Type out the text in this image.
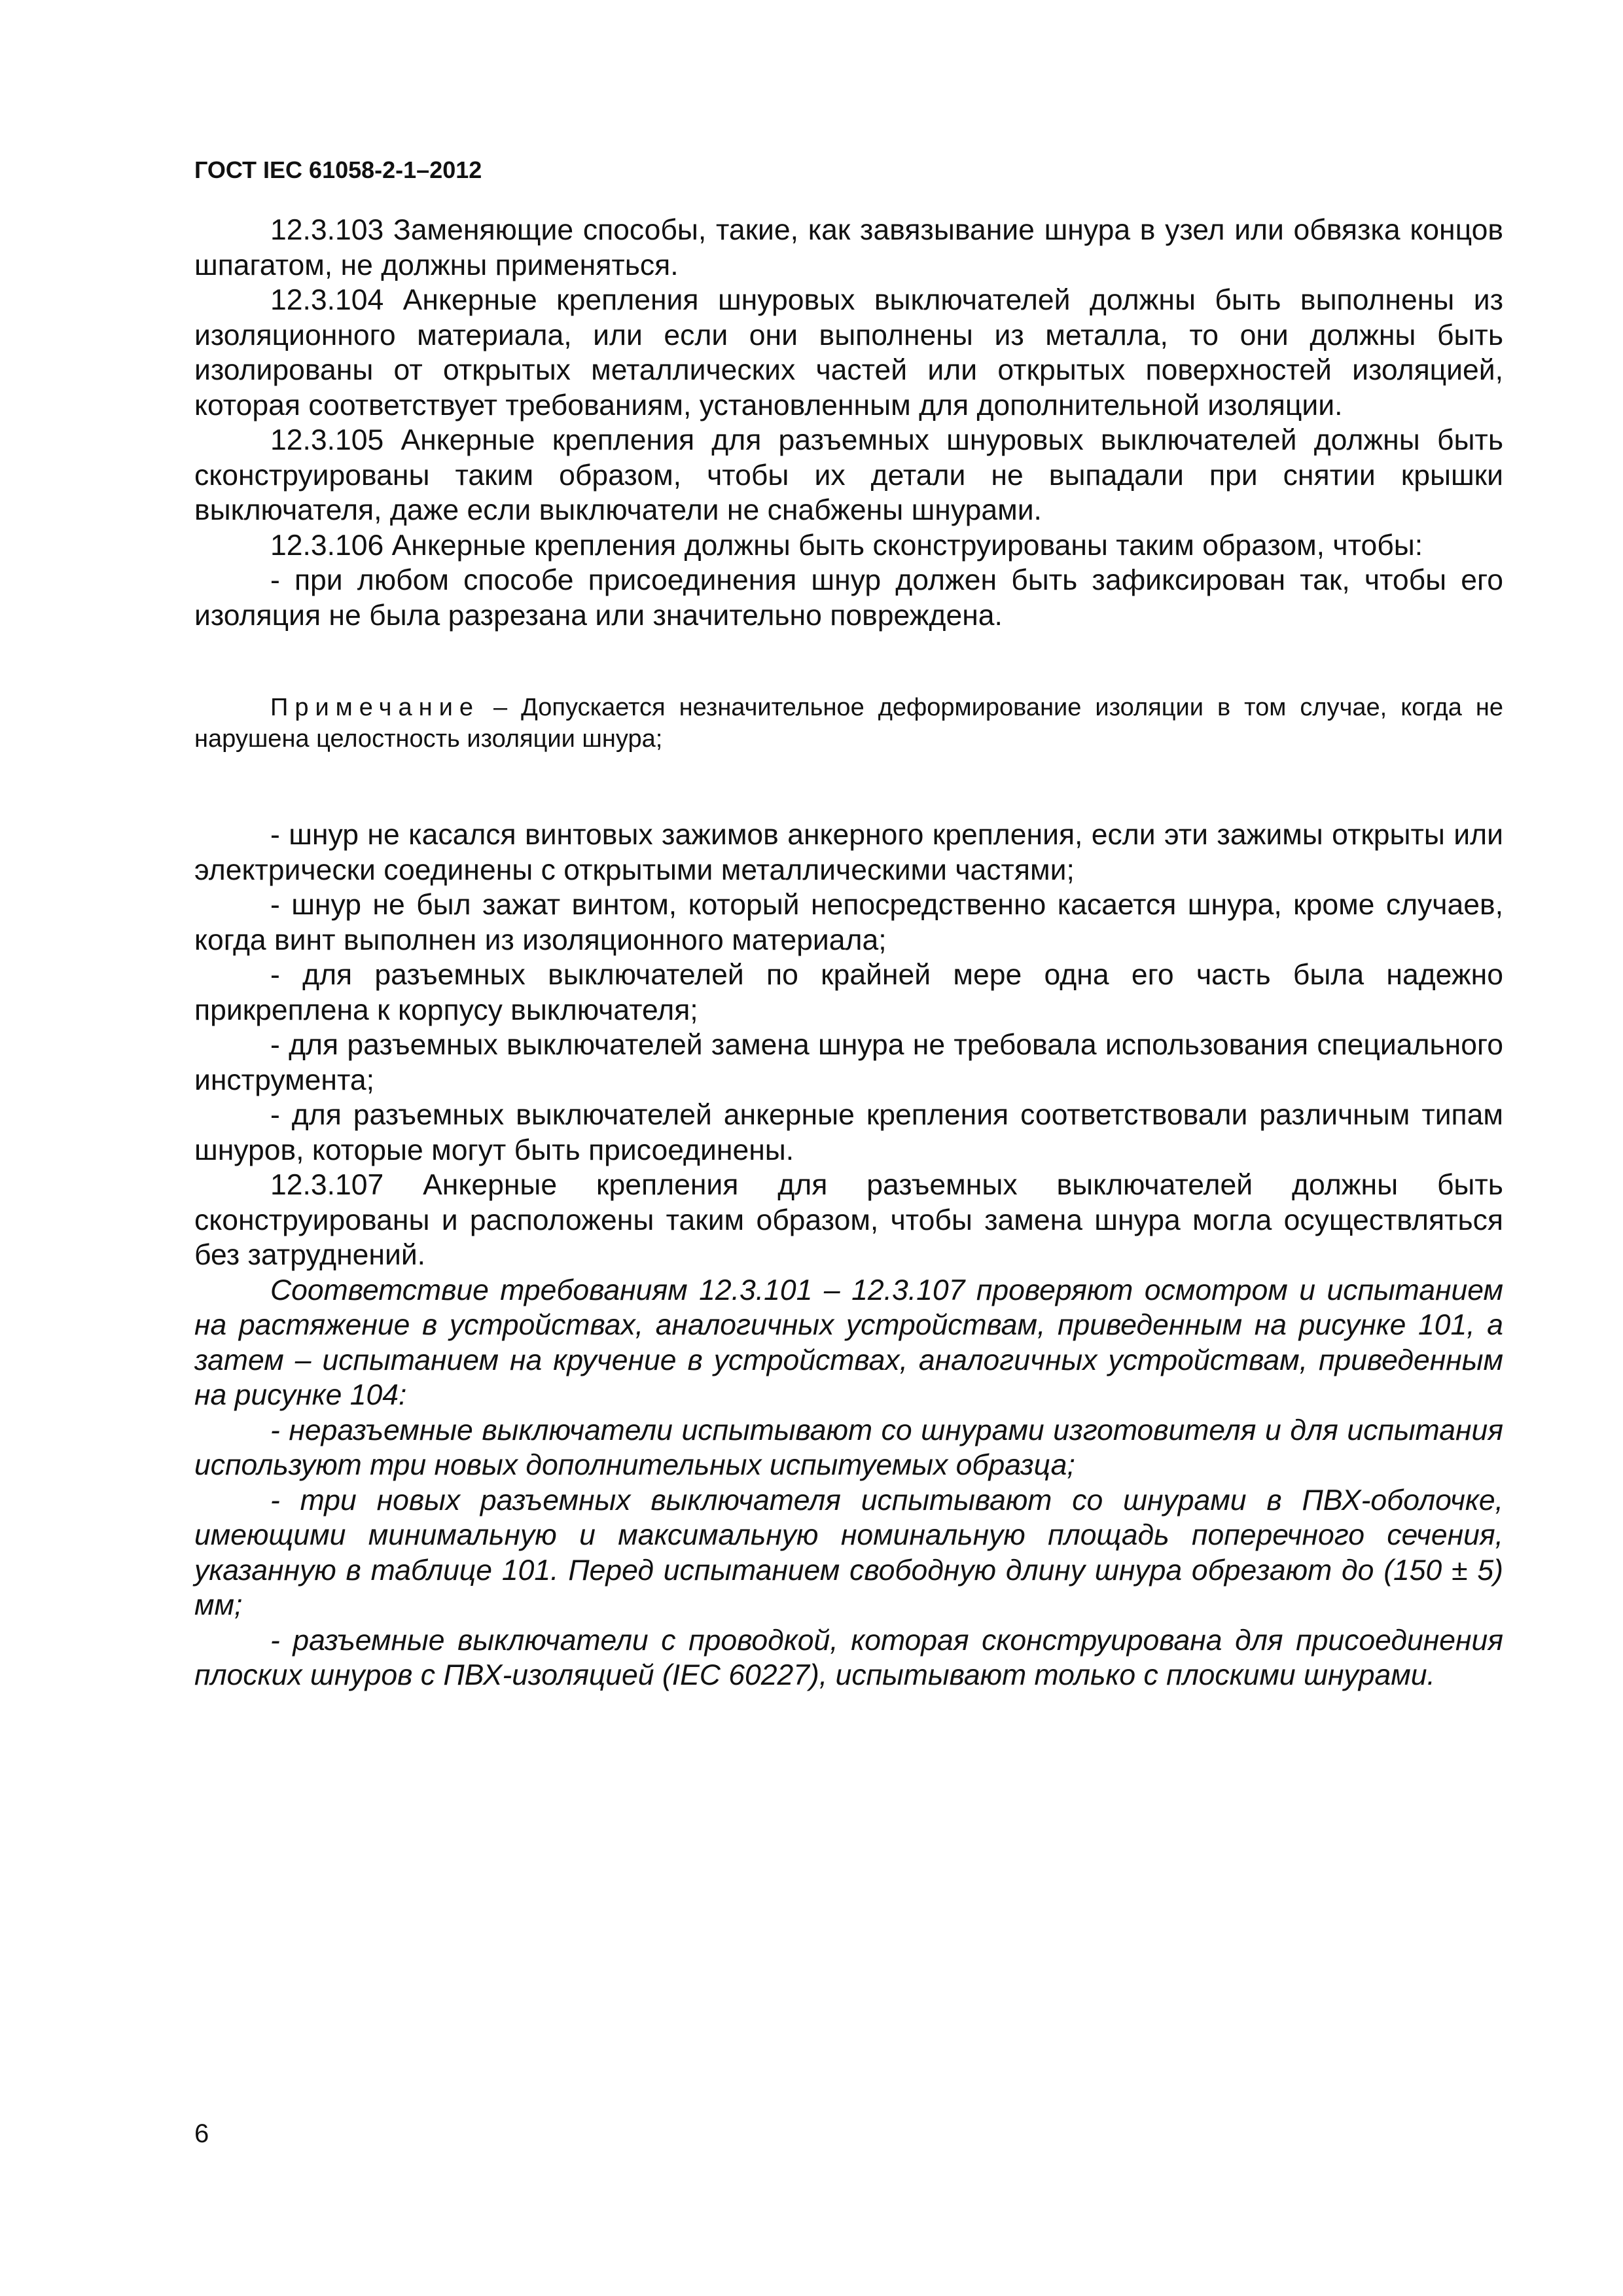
ГОСТ IEC 61058-2-1–2012

12.3.103 Заменяющие способы, такие, как завязывание шнура в узел или обвязка концов шпагатом, не должны применяться.

12.3.104 Анкерные крепления шнуровых выключателей должны быть выполнены из изоляционного материала, или если они выполнены из металла, то они должны быть изолированы от открытых металлических частей или открытых поверхностей изоляцией, которая соответствует требованиям, установленным для дополнительной изоляции.

12.3.105 Анкерные крепления для разъемных шнуровых выключателей должны быть сконструированы таким образом, чтобы их детали не выпадали при снятии крышки выключателя, даже если выключатели не снабжены шнурами.

12.3.106 Анкерные крепления должны быть сконструированы таким образом, чтобы:

- при любом способе присоединения шнур должен быть зафиксирован так, чтобы его изоляция не была разрезана или значительно повреждена.

Примечание – Допускается незначительное деформирование изоляции в том случае, когда не нарушена целостность изоляции шнура;

- шнур не касался винтовых зажимов анкерного крепления, если эти зажимы открыты или электрически соединены с открытыми металлическими частями;

- шнур не был зажат винтом, который непосредственно касается шнура, кроме случаев, когда винт выполнен из изоляционного материала;

- для разъемных выключателей по крайней мере одна его часть была надежно прикреплена к корпусу выключателя;

- для разъемных выключателей замена шнура не требовала использования специального инструмента;

- для разъемных выключателей анкерные крепления соответствовали различным типам шнуров, которые могут быть присоединены.

12.3.107 Анкерные крепления для разъемных выключателей должны быть сконструированы и расположены таким образом, чтобы замена шнура могла осуществляться без затруднений.

Соответствие требованиям 12.3.101 – 12.3.107 проверяют осмотром и испытанием на растяжение в устройствах, аналогичных устройствам, приведенным на рисунке 101, а затем – испытанием на кручение в устройствах, аналогичных устройствам, приведенным на рисунке 104:

- неразъемные выключатели испытывают со шнурами изготовителя и для испытания используют три новых дополнительных испытуемых образца;

- три новых разъемных выключателя испытывают со шнурами в ПВХ-оболочке, имеющими минимальную и максимальную номинальную площадь поперечного сечения, указанную в таблице 101. Перед испытанием свободную длину шнура обрезают до (150 ± 5) мм;

- разъемные выключатели с проводкой, которая сконструирована для присоединения плоских шнуров с ПВХ-изоляцией (IEC 60227), испытывают только с плоскими шнурами.

6
